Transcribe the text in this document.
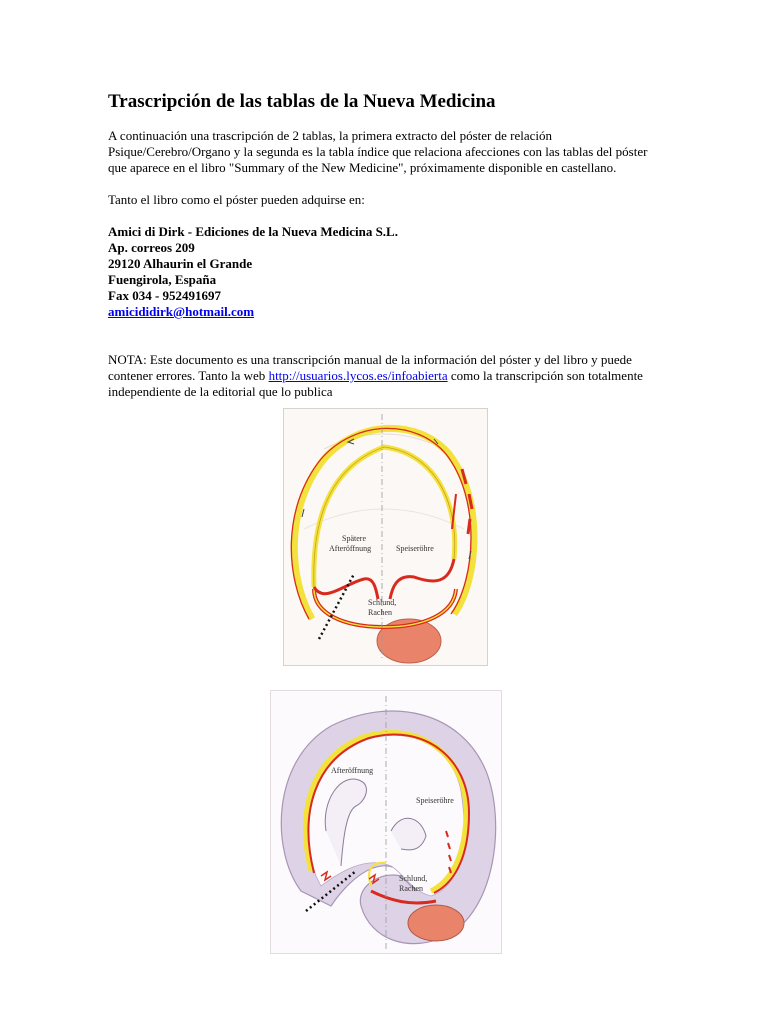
Trascripción de las tablas de la Nueva Medicina

A continuación una trascripción de 2 tablas, la primera extracto del póster de relación

Psique/Cerebro/Organo y la segunda es la tabla índice que relaciona afecciones con las tablas del póster

que aparece en el libro "Summary of the New Medicine", próximamente disponible en castellano.

Tanto el libro como el póster pueden adquirse en:

Amici di Dirk - Ediciones de la Nueva Medicina S.L.
Ap. correos 209
29120 Alhaurin el Grande
Fuengirola, España
Fax 034 - 952491697
amicididirk@hotmail.com

NOTA: Este documento es una transcripción manual de la información del póster y del libro y puede

contener errores. Tanto la web http://usuarios.lycos.es/infoabierta como la transcripción son totalmente

independiente de la editorial que lo publica

Spätere
Afteröffnung	Speiseröhre
Schlund,
Rachen
Afteröffnung
Speiseröhre
Schlund,
Rachen
